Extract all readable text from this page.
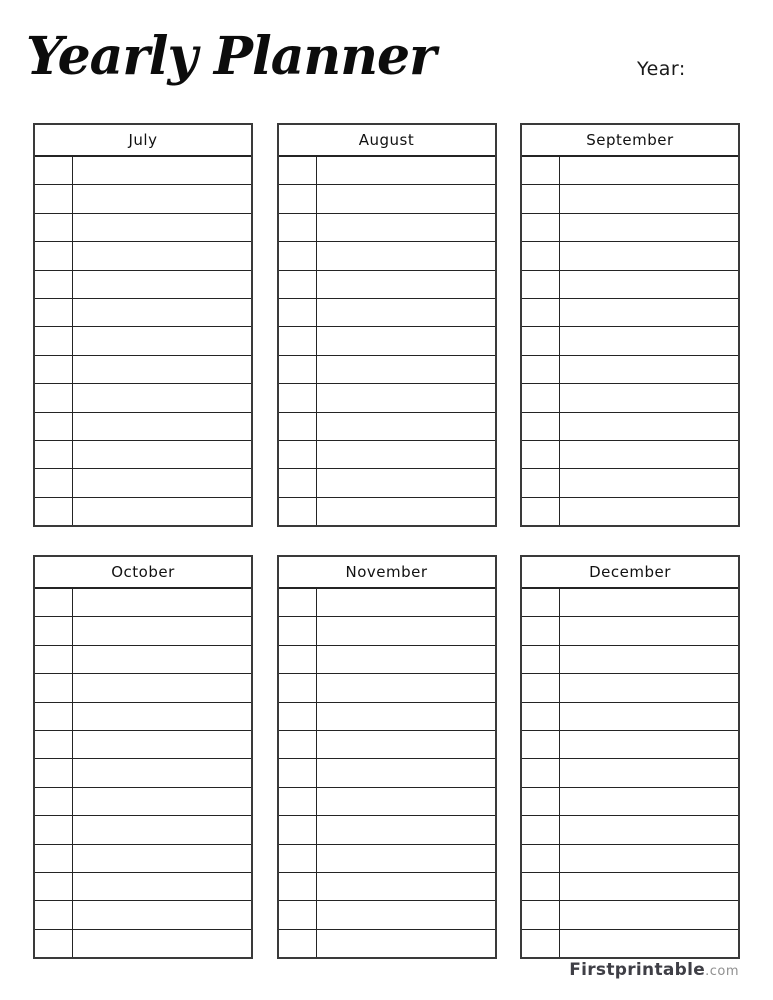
Yearly Planner	Year:
July	August	September
October	November	December
Firstprintable.com
